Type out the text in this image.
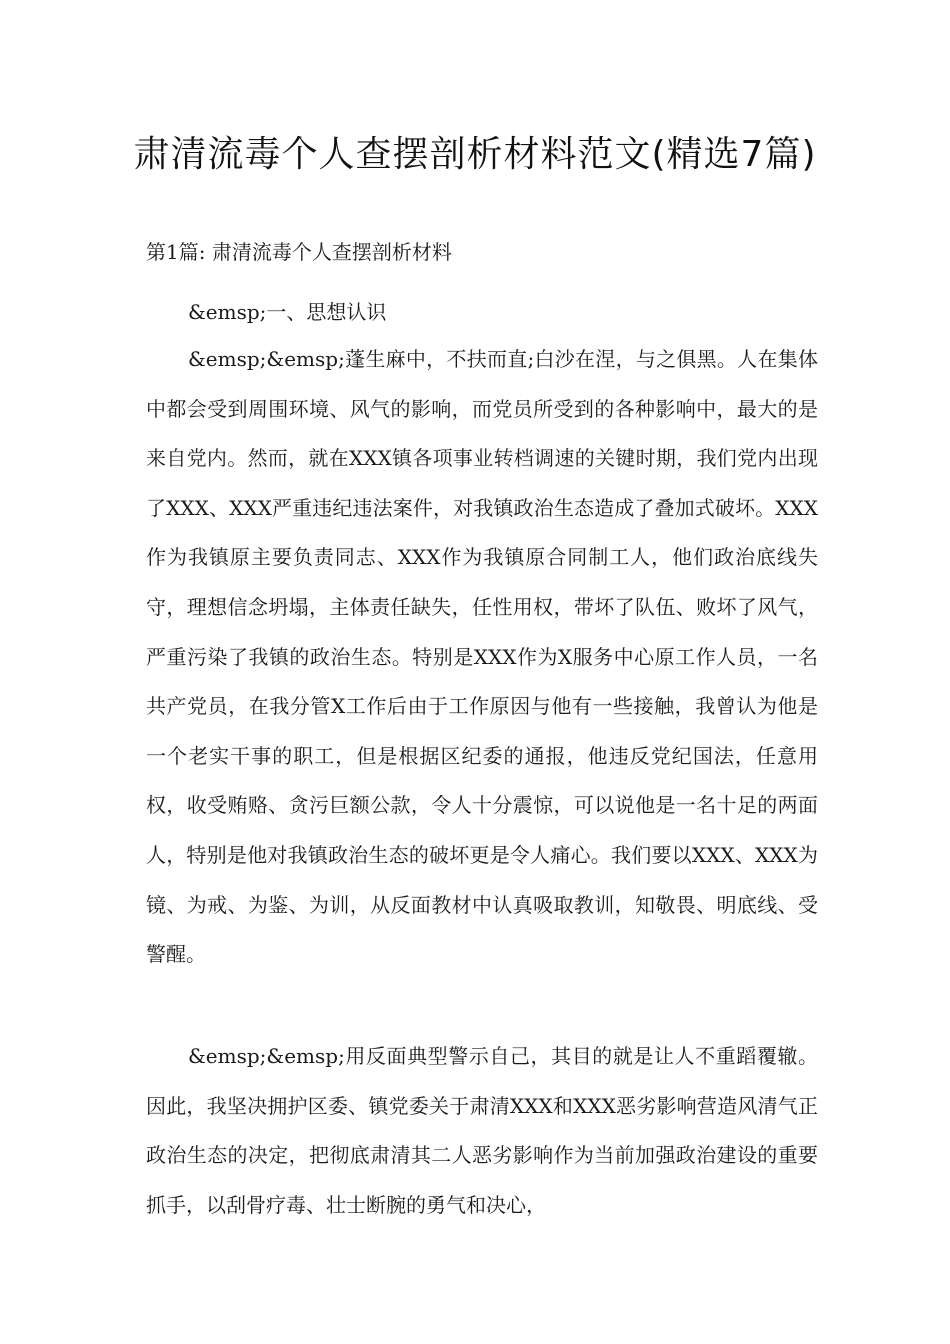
肃清流毒个人查摆剖析材料范文(精选7篇)

第1篇: 肃清流毒个人查摆剖析材料

&emsp;一、思想认识

&emsp;&emsp;蓬生麻中，不扶而直;白沙在涅，与之俱黑。人在集体中都会受到周围环境、风气的影响，而党员所受到的各种影响中，最大的是来自党内。然而，就在XXX镇各项事业转档调速的关键时期，我们党内出现了XXX、XXX严重违纪违法案件，对我镇政治生态造成了叠加式破坏。XXX作为我镇原主要负责同志、XXX作为我镇原合同制工人，他们政治底线失守，理想信念坍塌，主体责任缺失，任性用权，带坏了队伍、败坏了风气，严重污染了我镇的政治生态。特别是XXX作为X服务中心原工作人员，一名共产党员，在我分管X工作后由于工作原因与他有一些接触，我曾认为他是一个老实干事的职工，但是根据区纪委的通报，他违反党纪国法，任意用权，收受贿赂、贪污巨额公款，令人十分震惊，可以说他是一名十足的两面人，特别是他对我镇政治生态的破坏更是令人痛心。我们要以XXX、XXX为镜、为戒、为鉴、为训，从反面教材中认真吸取教训，知敬畏、明底线、受警醒。

&emsp;&emsp;用反面典型警示自己，其目的就是让人不重蹈覆辙。因此，我坚决拥护区委、镇党委关于肃清XXX和XXX恶劣影响营造风清气正政治生态的决定，把彻底肃清其二人恶劣影响作为当前加强政治建设的重要抓手，以刮骨疗毒、壮士断腕的勇气和决心，
